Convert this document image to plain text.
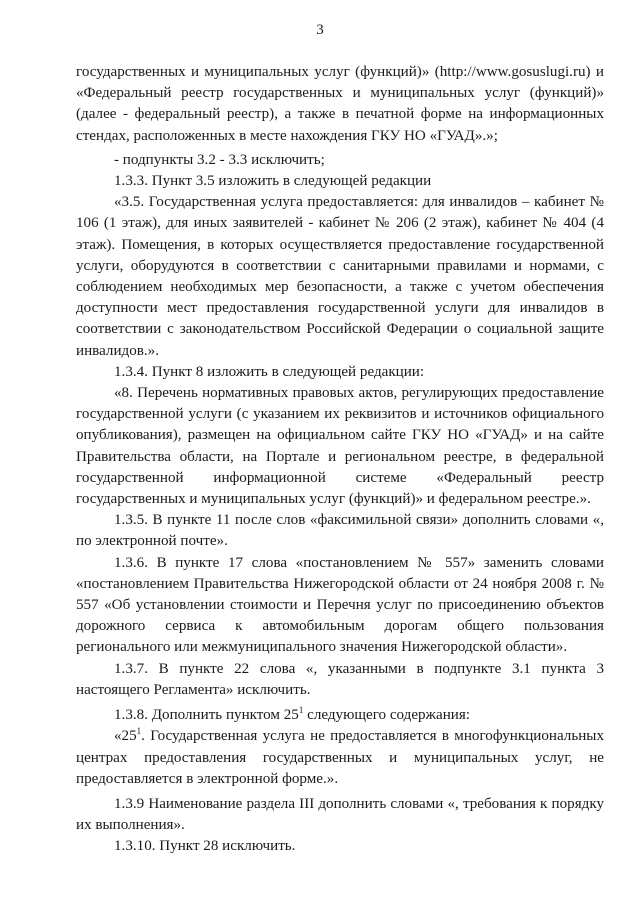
3

государственных и муниципальных услуг (функций)» (http://www.gosuslugi.ru) и «Федеральный реестр государственных и муниципальных услуг (функций)» (далее - федеральный реестр), а также в печатной форме на информационных стендах, расположенных в месте нахождения ГКУ НО «ГУАД».»;

- подпункты 3.2 - 3.3 исключить;

1.3.3. Пункт 3.5 изложить в следующей редакции

«3.5. Государственная услуга предоставляется: для инвалидов – кабинет № 106 (1 этаж), для иных заявителей - кабинет № 206 (2 этаж), кабинет № 404 (4 этаж). Помещения, в которых осуществляется предоставление государственной услуги, оборудуются в соответствии с санитарными правилами и нормами, с соблюдением необходимых мер безопасности, а также с учетом обеспечения доступности мест предоставления государственной услуги для инвалидов в соответствии с законодательством Российской Федерации о социальной защите инвалидов.».

1.3.4. Пункт 8 изложить в следующей редакции:

«8. Перечень нормативных правовых актов, регулирующих предоставление государственной услуги (с указанием их реквизитов и источников официального опубликования), размещен на официальном сайте ГКУ НО «ГУАД» и на сайте Правительства области, на Портале и региональном реестре, в федеральной государственной информационной системе «Федеральный реестр государственных и муниципальных услуг (функций)» и федеральном реестре.».

1.3.5. В пункте 11 после слов «факсимильной связи» дополнить словами «, по электронной почте».

1.3.6. В пункте 17 слова «постановлением № 557» заменить словами «постановлением Правительства Нижегородской области от 24 ноября 2008 г. № 557 «Об установлении стоимости и Перечня услуг по присоединению объектов дорожного сервиса к автомобильным дорогам общего пользования регионального или межмуниципального значения Нижегородской области».

1.3.7. В пункте 22 слова «, указанными в подпункте 3.1 пункта 3 настоящего Регламента» исключить.

1.3.8. Дополнить пунктом $25^1$ следующего содержания:

«$25^1$. Государственная услуга не предоставляется в многофункциональных центрах предоставления государственных и муниципальных услуг, не предоставляется в электронной форме.».

1.3.9 Наименование раздела III дополнить словами «, требования к порядку их выполнения».

1.3.10. Пункт 28 исключить.
